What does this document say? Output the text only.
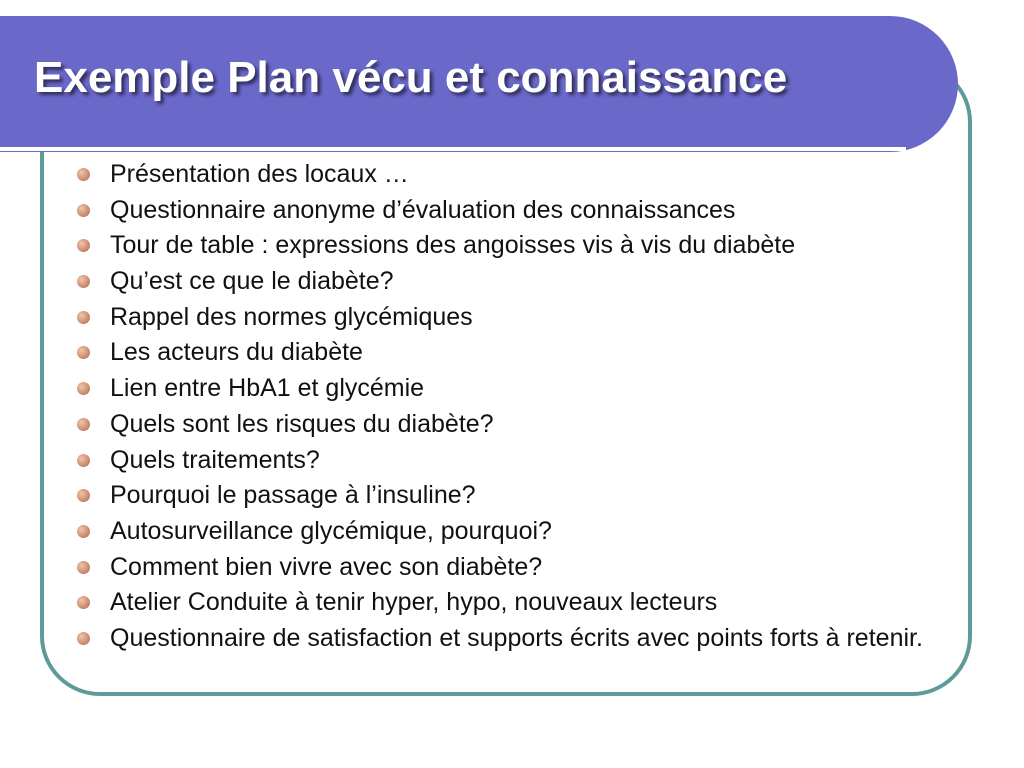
Exemple Plan vécu et connaissance
Présentation des locaux …
Questionnaire anonyme d’évaluation des connaissances
Tour de table : expressions des angoisses vis à vis du diabète
Qu’est ce que le diabète?
Rappel des normes glycémiques
Les acteurs du diabète
Lien entre HbA1 et glycémie
Quels sont les risques du diabète?
Quels traitements?
Pourquoi le passage à l’insuline?
Autosurveillance glycémique, pourquoi?
Comment bien vivre avec son diabète?
Atelier Conduite à tenir hyper, hypo, nouveaux lecteurs
Questionnaire de satisfaction et supports écrits avec points forts à retenir.
